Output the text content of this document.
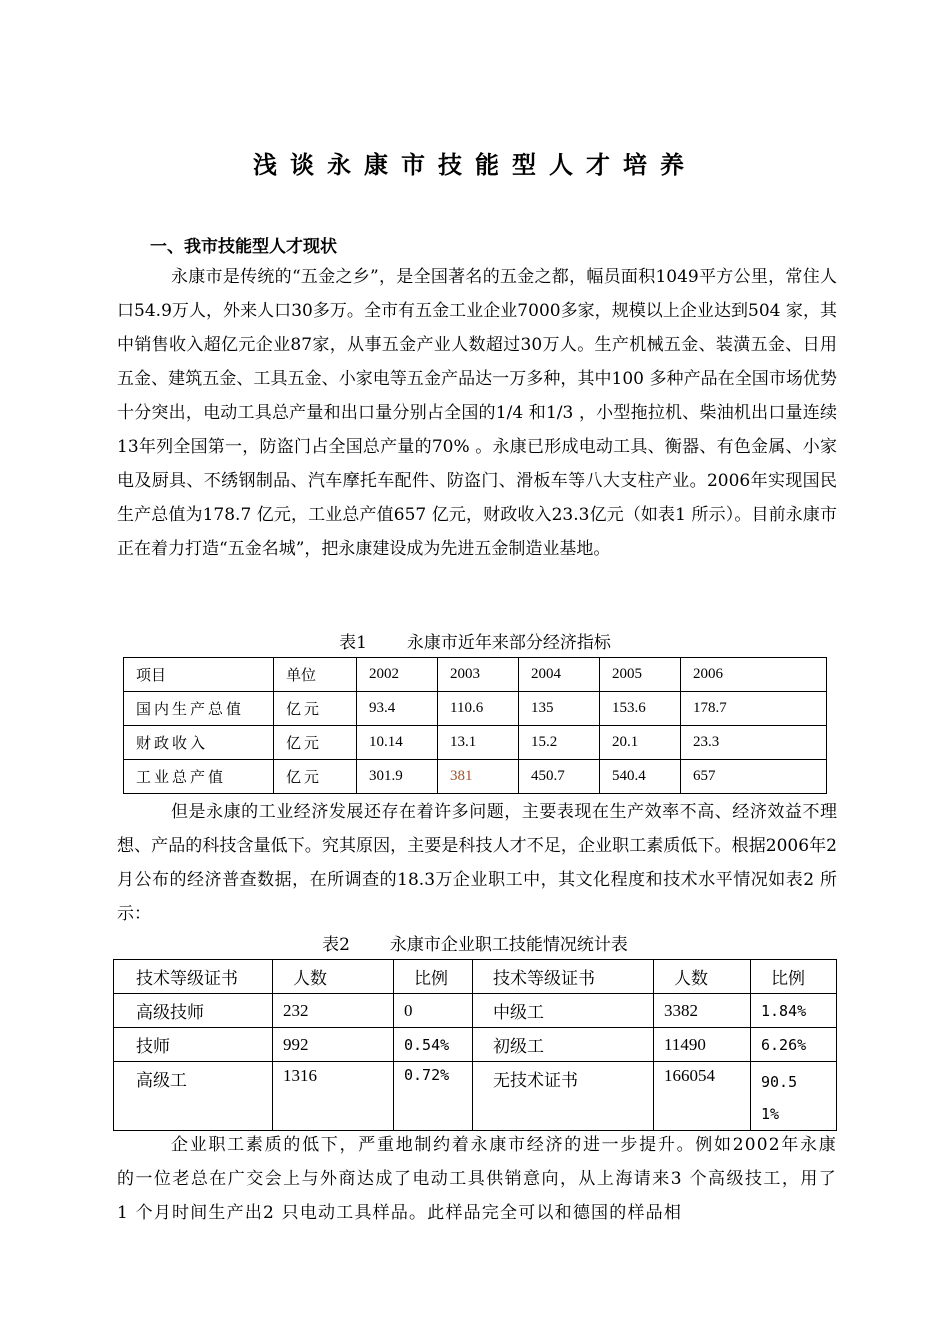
浅谈永康市技能型人才培养
一、我市技能型人才现状

永康市是传统的“五金之乡”，是全国著名的五金之都，幅员面积1049平方公里，常住人口54.9万人，外来人口30多万。全市有五金工业企业7000多家，规模以上企业达到504 家，其中销售收入超亿元企业87家，从事五金产业人数超过30万人。生产机械五金、装潢五金、日用五金、建筑五金、工具五金、小家电等五金产品达一万多种，其中100 多种产品在全国市场优势十分突出，电动工具总产量和出口量分别占全国的1/4 和1/3 ，小型拖拉机、柴油机出口量连续13年列全国第一，防盗门占全国总产量的70% 。永康已形成电动工具、衡器、有色金属、小家电及厨具、不绣钢制品、汽车摩托车配件、防盗门、滑板车等八大支柱产业。2006年实现国民生产总值为178.7 亿元，工业总产值657 亿元，财政收入23.3亿元（如表1 所示）。目前永康市正在着力打造“五金名城”，把永康建设成为先进五金制造业基地。

表1 永康市近年来部分经济指标
项目	单位	2002	2003	2004	2005	2006
国内生产总值	亿元	93.4	110.6	135	153.6	178.7
财政收入	亿元	10.14	13.1	15.2	20.1	23.3
工业总产值	亿元	301.9	381	450.7	540.4	657

但是永康的工业经济发展还存在着许多问题，主要表现在生产效率不高、经济效益不理想、产品的科技含量低下。究其原因，主要是科技人才不足，企业职工素质低下。根据2006年2 月公布的经济普查数据，在所调查的18.3万企业职工中，其文化程度和技术水平情况如表2 所示：

表2 永康市企业职工技能情况统计表
技术等级证书	人数	比例	技术等级证书	人数	比例
高级技师	232	0	中级工	3382	1.84%
技师	992	0.54%	初级工	11490	6.26%
高级工	1316	0.72%	无技术证书	166054	90.51%

企业职工素质的低下，严重地制约着永康市经济的进一步提升。例如2002年永康的一位老总在广交会上与外商达成了电动工具供销意向，从上海请来3 个高级技工，用了1 个月时间生产出2 只电动工具样品。此样品完全可以和德国的样品相
